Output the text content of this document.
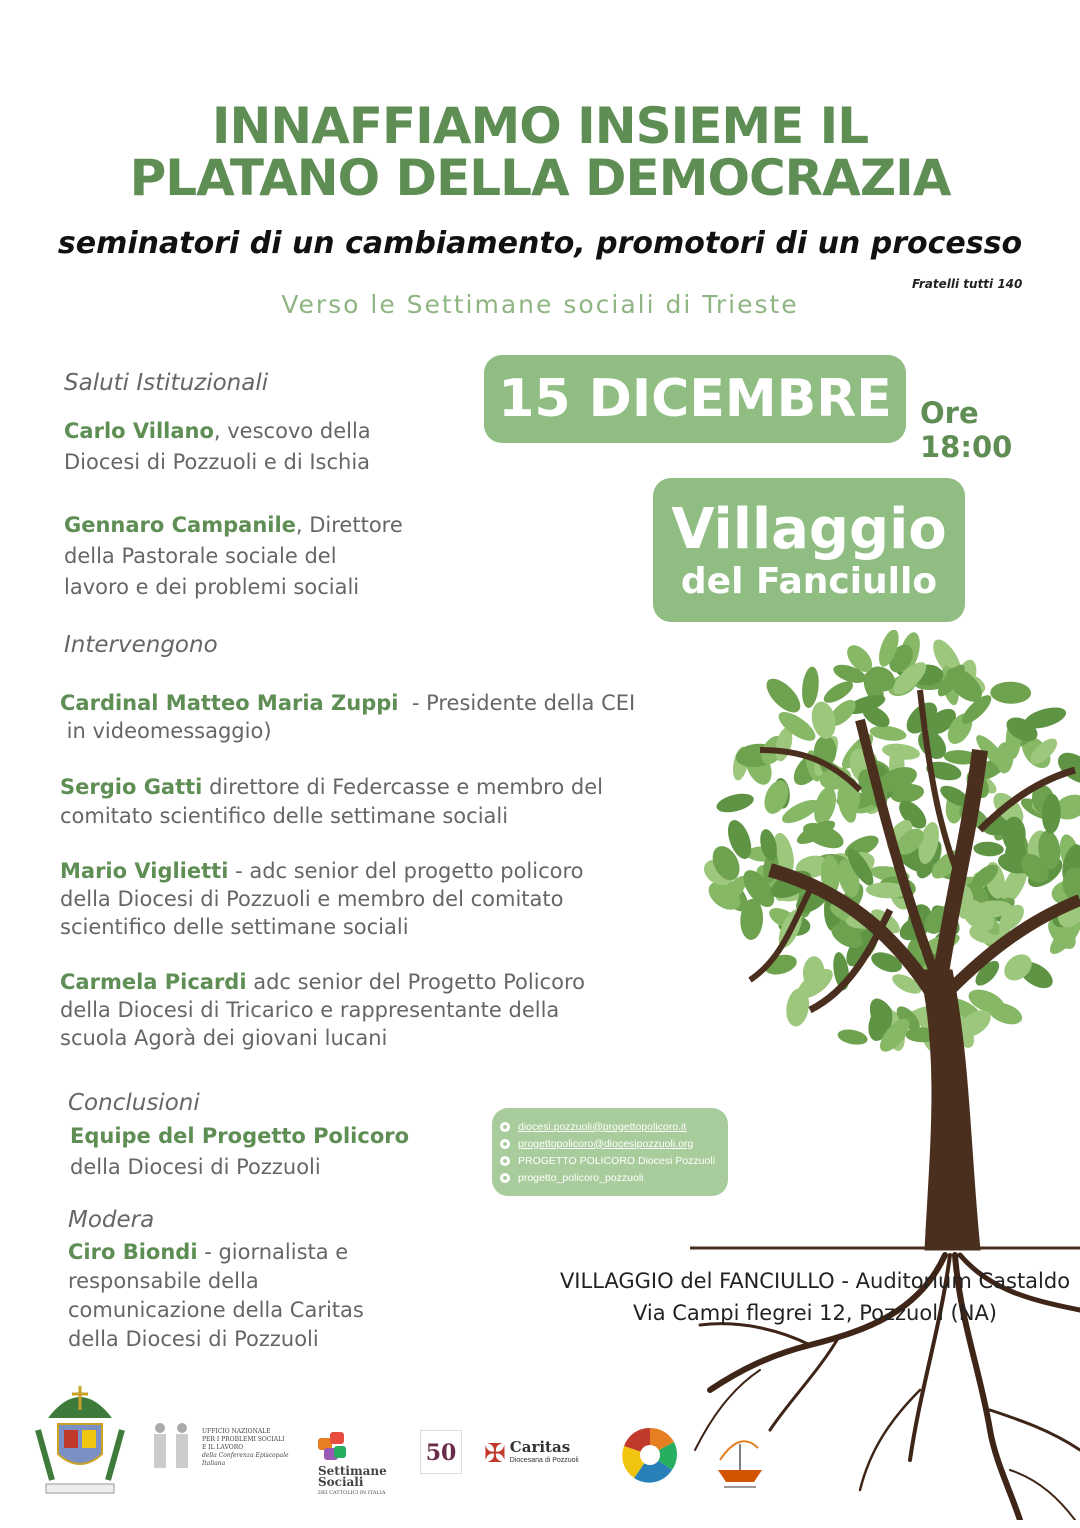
INNAFFIAMO INSIEME IL
PLATANO DELLA DEMOCRAZIA
seminatori di un cambiamento, promotori di un processo
Fratelli tutti 140
Verso le Settimane sociali di Trieste
15 DICEMBRE Ore 18:00
Villaggio
del Fanciullo
Saluti Istituzionali
Carlo Villano, vescovo della
Diocesi di Pozzuoli e di Ischia
Gennaro Campanile, Direttore
della Pastorale sociale del
lavoro e dei problemi sociali
Intervengono
Cardinal Matteo Maria Zuppi  - Presidente della CEI
in videomessaggio)
Sergio Gatti direttore di Federcasse e membro del
comitato scientifico delle settimane sociali
Mario Viglietti - adc senior del progetto policoro
della Diocesi di Pozzuoli e membro del comitato
scientifico delle settimane sociali
Carmela Picardi adc senior del Progetto Policoro
della Diocesi di Tricarico e rappresentante della
scuola Agorà dei giovani lucani
Conclusioni
Equipe del Progetto Policoro
della Diocesi di Pozzuoli
Modera
Ciro Biondi - giornalista e
responsabile della
comunicazione della Caritas
della Diocesi di Pozzuoli
diocesi.pozzuoli@progettopolicoro.it
progettopolicoro@diocesipozzuoli.org
PROGETTO POLICORO Diocesi Pozzuoli
progetto_policoro_pozzuoli
VILLAGGIO del FANCIULLO - Auditorium Castaldo
Via Campi flegrei 12, Pozzuoli (NA)
UFFICIO NAZIONALE
PER I PROBLEMI SOCIALI
E IL LAVORO
della Conferenza Episcopale Italiana
Settimane
Sociali
DEI CATTOLICI IN ITALIA
50 ✠ Caritas
Diocesana di Pozzuoli
